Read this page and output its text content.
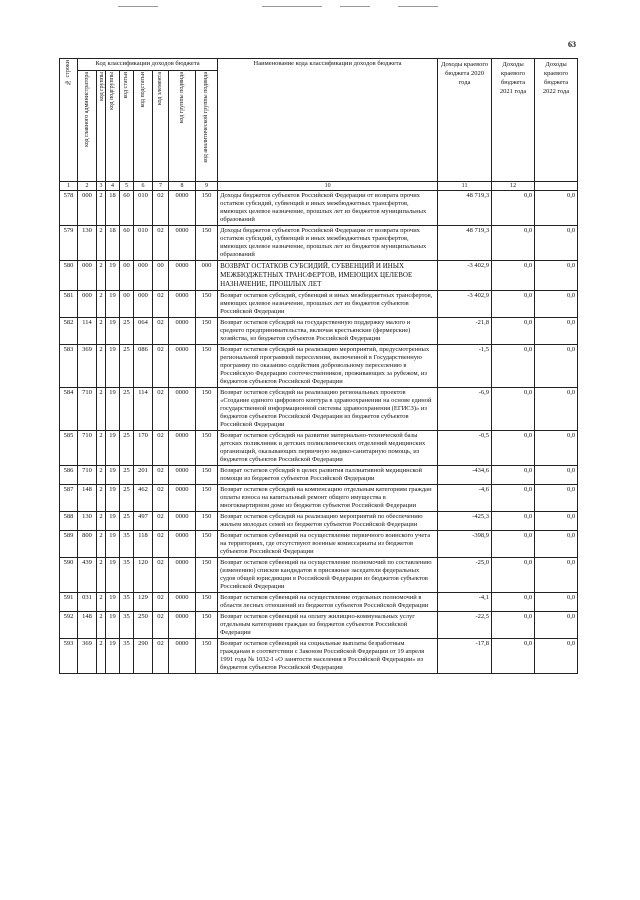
63
№ строки	Код классификации доходов бюджета								Наименование кода классификации доходов бюджета	Доходы краевого бюджета 2020 года	Доходы краевого бюджета 2021 года	Доходы краевого бюджета 2022 года

	код главного администратора	код группы	код подгруппы	код статьи	код подстатьи	код элемента	код группы подвида	код аналитической группы подвида				

1	2	3	4	5	6	7	8	9	10	11	12	
578	000	2	18	60	010	02	0000	150	Доходы бюджетов субъектов Российской Федерации от возврата прочих остатков субсидий, субвенций и иных межбюджетных трансфертов, имеющих целевое назначение, прошлых лет из бюджетов муниципальных образований	48 719,3	0,0	0,0
579	130	2	18	60	010	02	0000	150	Доходы бюджетов субъектов Российской Федерации от возврата прочих остатков субсидий, субвенций и иных межбюджетных трансфертов, имеющих целевое назначение, прошлых лет из бюджетов муниципальных образований	48 719,3	0,0	0,0
580	000	2	19	00	000	00	0000	000	ВОЗВРАТ ОСТАТКОВ СУБСИДИЙ, СУБВЕНЦИЙ И ИНЫХ МЕЖБЮДЖЕТНЫХ ТРАНСФЕРТОВ, ИМЕЮЩИХ ЦЕЛЕВОЕ НАЗНАЧЕНИЕ, ПРОШЛЫХ ЛЕТ	-3 402,9	0,0	0,0
581	000	2	19	00	000	02	0000	150	Возврат остатков субсидий, субвенций и иных межбюджетных трансфертов, имеющих целевое назначение, прошлых лет из бюджетов субъектов Российской Федерации	-3 402,9	0,0	0,0
582	114	2	19	25	064	02	0000	150	Возврат остатков субсидий на государственную поддержку малого и среднего предпринимательства, включая крестьянские (фермерские) хозяйства, из бюджетов субъектов Российской Федерации	-21,8	0,0	0,0
583	369	2	19	25	086	02	0000	150	Возврат остатков субсидий на реализацию мероприятий, предусмотренных региональной программой переселения, включенной в Государственную программу по оказанию содействия добровольному переселению в Российскую Федерацию соотечественников, проживающих за рубежом, из бюджетов субъектов Российской Федерации	-1,5	0,0	0,0
584	710	2	19	25	114	02	0000	150	Возврат остатков субсидий на реализацию региональных проектов «Создание единого цифрового контура в здравоохранении на основе единой государственной информационной системы здравоохранения (ЕГИСЗ)» из бюджетов субъектов Российской Федерации из бюджетов субъектов Российской Федерации	-6,9	0,0	0,0
585	710	2	19	25	170	02	0000	150	Возврат остатков субсидий на развитие материально-технической базы детских поликлиник и детских поликлинических отделений медицинских организаций, оказывающих первичную медико-санитарную помощь, из бюджетов субъектов Российской Федерации	-0,5	0,0	0,0
586	710	2	19	25	201	02	0000	150	Возврат остатков субсидий в целях развития паллиативной медицинской помощи из бюджетов субъектов Российской Федерации	-434,6	0,0	0,0
587	148	2	19	25	462	02	0000	150	Возврат остатков субсидий на компенсацию отдельным категориям граждан оплаты взноса на капитальный ремонт общего имущества в многоквартирном доме из бюджетов субъектов Российской Федерации	-4,6	0,0	0,0
588	130	2	19	25	497	02	0000	150	Возврат остатков субсидий на реализацию мероприятий по обеспечению жильем молодых семей из бюджетов субъектов Российской Федерации	-425,3	0,0	0,0
589	800	2	19	35	118	02	0000	150	Возврат остатков субвенций на осуществление первичного воинского учета на территориях, где отсутствуют военные комиссариаты из бюджетов субъектов Российской Федерации	-398,9	0,0	0,0
590	439	2	19	35	120	02	0000	150	Возврат остатков субвенций на осуществление полномочий по составлению (изменению) списков кандидатов в присяжные заседатели федеральных судов общей юрисдикции в Российской Федерации из бюджетов субъектов Российской Федерации	-25,0	0,0	0,0
591	031	2	19	35	129	02	0000	150	Возврат остатков субвенций на осуществление отдельных полномочий в области лесных отношений из бюджетов субъектов Российской Федерации	-4,1	0,0	0,0
592	148	2	19	35	250	02	0000	150	Возврат остатков субвенций на оплату жилищно-коммунальных услуг отдельным категориям граждан из бюджетов субъектов Российской Федерации	-22,5	0,0	0,0
593	369	2	19	35	290	02	0000	150	Возврат остатков субвенций на социальные выплаты безработным гражданам в соответствии с Законом Российской Федерации от 19 апреля 1991 года № 1032-I «О занятости населения в Российской Федерации» из бюджетов субъектов Российской Федерации	-17,8	0,0	0,0
